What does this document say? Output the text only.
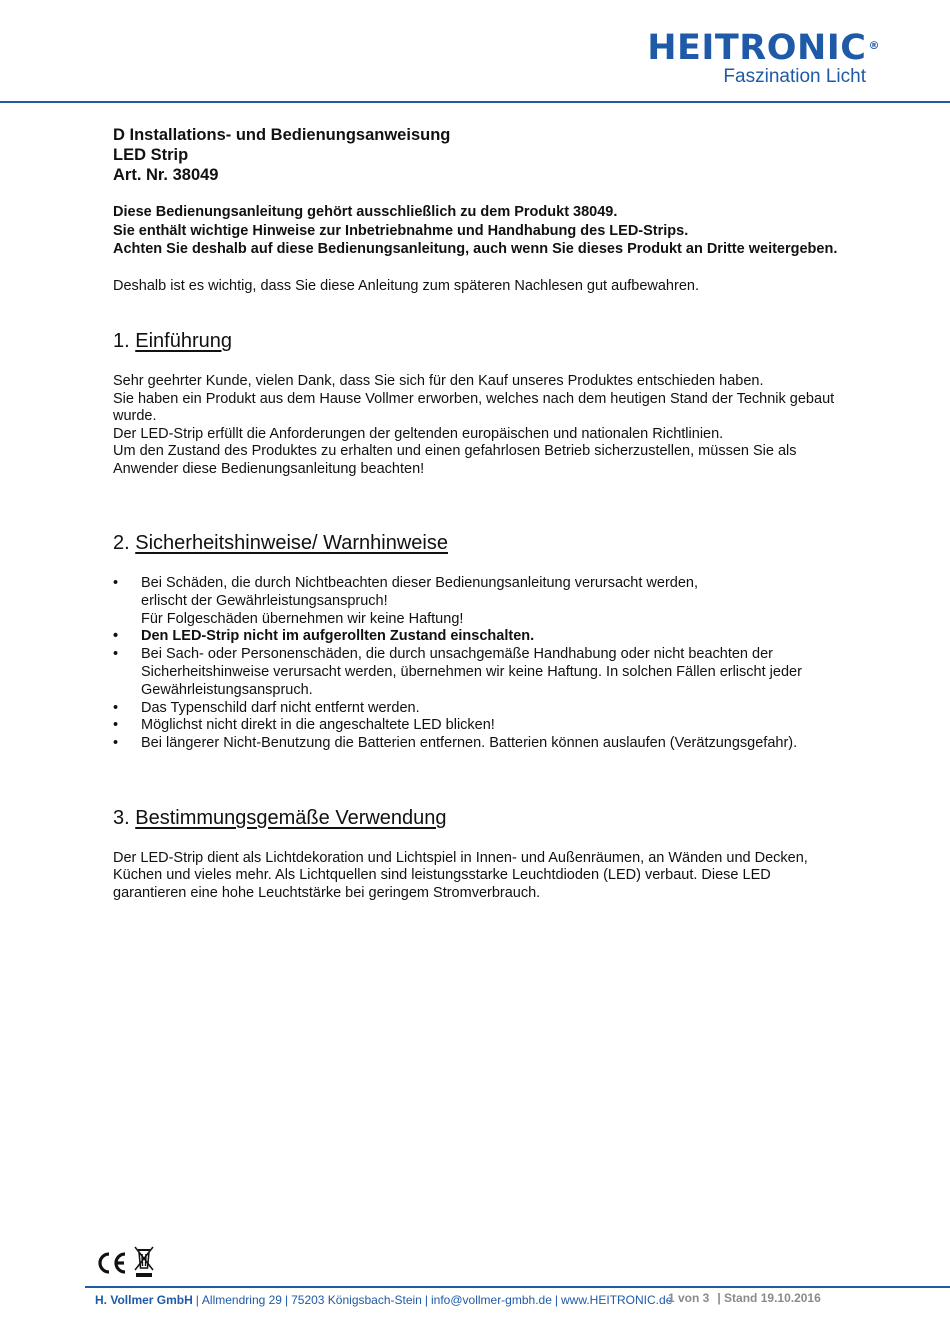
HEITRONIC ®
Faszination Licht
D Installations- und Bedienungsanweisung
LED Strip
Art. Nr. 38049
Diese Bedienungsanleitung gehört ausschließlich zu dem Produkt 38049.
Sie enthält wichtige Hinweise zur Inbetriebnahme und Handhabung des LED-Strips.
Achten Sie deshalb auf diese Bedienungsanleitung, auch wenn Sie dieses Produkt an Dritte weitergeben.
Deshalb ist es wichtig, dass Sie diese Anleitung zum späteren Nachlesen gut aufbewahren.
1. Einführung
Sehr geehrter Kunde, vielen Dank, dass Sie sich für den Kauf unseres Produktes entschieden haben.
Sie haben ein Produkt aus dem Hause Vollmer erworben, welches nach dem heutigen Stand der Technik gebaut wurde.
Der LED-Strip erfüllt die Anforderungen der geltenden europäischen und nationalen Richtlinien.
Um den Zustand des Produktes zu erhalten und einen gefahrlosen Betrieb sicherzustellen, müssen Sie als Anwender diese Bedienungsanleitung beachten!
2. Sicherheitshinweise/ Warnhinweise
• Bei Schäden, die durch Nichtbeachten dieser Bedienungsanleitung verursacht werden,
erlischt der Gewährleistungsanspruch!
Für Folgeschäden übernehmen wir keine Haftung!
• Den LED-Strip nicht im aufgerollten Zustand einschalten.
• Bei Sach- oder Personenschäden, die durch unsachgemäße Handhabung oder nicht beachten der Sicherheitshinweise verursacht werden, übernehmen wir keine Haftung. In solchen Fällen erlischt jeder Gewährleistungsanspruch.
• Das Typenschild darf nicht entfernt werden.
• Möglichst nicht direkt in die angeschaltete LED blicken!
• Bei längerer Nicht-Benutzung die Batterien entfernen. Batterien können auslaufen (Verätzungsgefahr).
3. Bestimmungsgemäße Verwendung
Der LED-Strip dient als Lichtdekoration und Lichtspiel in Innen- und Außenräumen, an Wänden und Decken, Küchen und vieles mehr. Als Lichtquellen sind leistungsstarke Leuchtdioden (LED) verbaut. Diese LED garantieren eine hohe Leuchtstärke bei geringem Stromverbrauch.
H. Vollmer GmbH | Allmendring 29 | 75203 Königsbach-Stein | info@vollmer-gmbh.de | www.HEITRONIC.de
1 von 3 | Stand 19.10.2016
